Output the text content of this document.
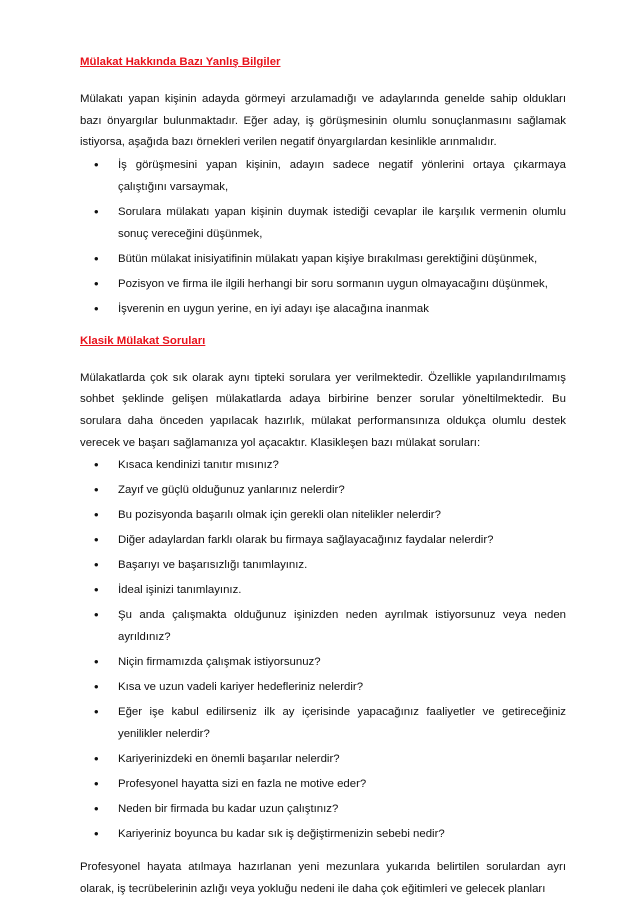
Mülakat Hakkında Bazı Yanlış Bilgiler

Mülakatı yapan kişinin adayda görmeyi arzulamadığı ve adaylarında genelde sahip oldukları bazı önyargılar bulunmaktadır. Eğer aday, iş görüşmesinin olumlu sonuçlanmasını sağlamak istiyorsa, aşağıda bazı örnekleri verilen negatif önyargılardan kesinlikle arınmalıdır.

• İş görüşmesini yapan kişinin, adayın sadece negatif yönlerini ortaya çıkarmaya çalıştığını varsaymak,
• Sorulara mülakatı yapan kişinin duymak istediği cevaplar ile karşılık vermenin olumlu sonuç vereceğini düşünmek,
• Bütün mülakat inisiyatifinin mülakatı yapan kişiye bırakılması gerektiğini düşünmek,
• Pozisyon ve firma ile ilgili herhangi bir soru sormanın uygun olmayacağını düşünmek,
• İşverenin en uygun yerine, en iyi adayı işe alacağına inanmak

Klasik Mülakat Soruları

Mülakatlarda çok sık olarak aynı tipteki sorulara yer verilmektedir. Özellikle yapılandırılmamış sohbet şeklinde gelişen mülakatlarda adaya birbirine benzer sorular yöneltilmektedir. Bu sorulara daha önceden yapılacak hazırlık, mülakat performansınıza oldukça olumlu destek verecek ve başarı sağlamanıza yol açacaktır. Klasikleşen bazı mülakat soruları:

• Kısaca kendinizi tanıtır mısınız?
• Zayıf ve güçlü olduğunuz yanlarınız nelerdir?
• Bu pozisyonda başarılı olmak için gerekli olan nitelikler nelerdir?
• Diğer adaylardan farklı olarak bu firmaya sağlayacağınız faydalar nelerdir?
• Başarıyı ve başarısızlığı tanımlayınız.
• İdeal işinizi tanımlayınız.
• Şu anda çalışmakta olduğunuz işinizden neden ayrılmak istiyorsunuz veya neden ayrıldınız?
• Niçin firmamızda çalışmak istiyorsunuz?
• Kısa ve uzun vadeli kariyer hedefleriniz nelerdir?
• Eğer işe kabul edilirseniz ilk ay içerisinde yapacağınız faaliyetler ve getireceğiniz yenilikler nelerdir?
• Kariyerinizdeki en önemli başarılar nelerdir?
• Profesyonel hayatta sizi en fazla ne motive eder?
• Neden bir firmada bu kadar uzun çalıştınız?
• Kariyeriniz boyunca bu kadar sık iş değiştirmenizin sebebi nedir?

Profesyonel hayata atılmaya hazırlanan yeni mezunlara yukarıda belirtilen sorulardan ayrı olarak, iş tecrübelerinin azlığı veya yokluğu nedeni ile daha çok eğitimleri ve gelecek planları
